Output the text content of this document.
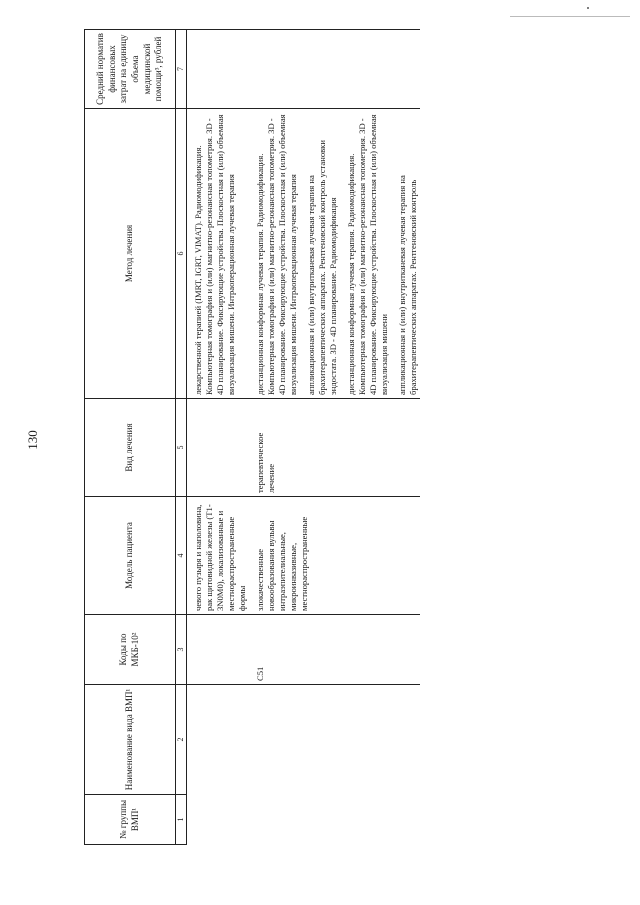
130
№ группы ВМП¹	Наименование вида ВМП¹	Коды по МКБ-10²	Модель пациента	Вид лечения	Метод лечения	Средний норматив финансовых затрат на единицу объема медицинской помощи³, рублей
1	2	3	4	5	6	7
			чевого пузыря и наполовина, рак щитовидной железы (T1-3N0M0), локализованные и местнораспространенные формы		лекарственной терапией (IMRT, IGRT, VIMAT). Радиомодификация. Компьютерная томография и (или) магнитно-резонансная топометрия. 3D - 4D планирование. Фиксирующие устройства. Плоскостная и (или) объемная визуализация мишени. Интраоперационная лучевая терапия	

		C51	злокачественные новообразования вульвы интраэпителиальные, микроинвазивные, местнораспространенные	терапевтическое лечение	дистанционная конформная лучевая терапия. Радиомодификация. Компьютерная томография и (или) магнитно-резонансная топометрия. 3D - 4D планирование. Фиксирующие устройства. Плоскостная и (или) объемная визуализация мишени. Интраоперационная лучевая терапия аппликационная и (или) внутритканевая лучевая терапия на брахитерапевтических аппаратах. Рентгеновский контроль установки эндостата. 3D - 4D планирование. Радиомодификация дистанционная конформная лучевая терапия. Радиомодификация. Компьютерная томография и (или) магнитно-резонансная топометрия. 3D - 4D планирование. Фиксирующие устройства. Плоскостная и (или) объемная визуализация мишени аппликационная и (или) внутритканевая лучевая терапия на брахитерапевтических аппаратах. Рентгеновский контроль	
